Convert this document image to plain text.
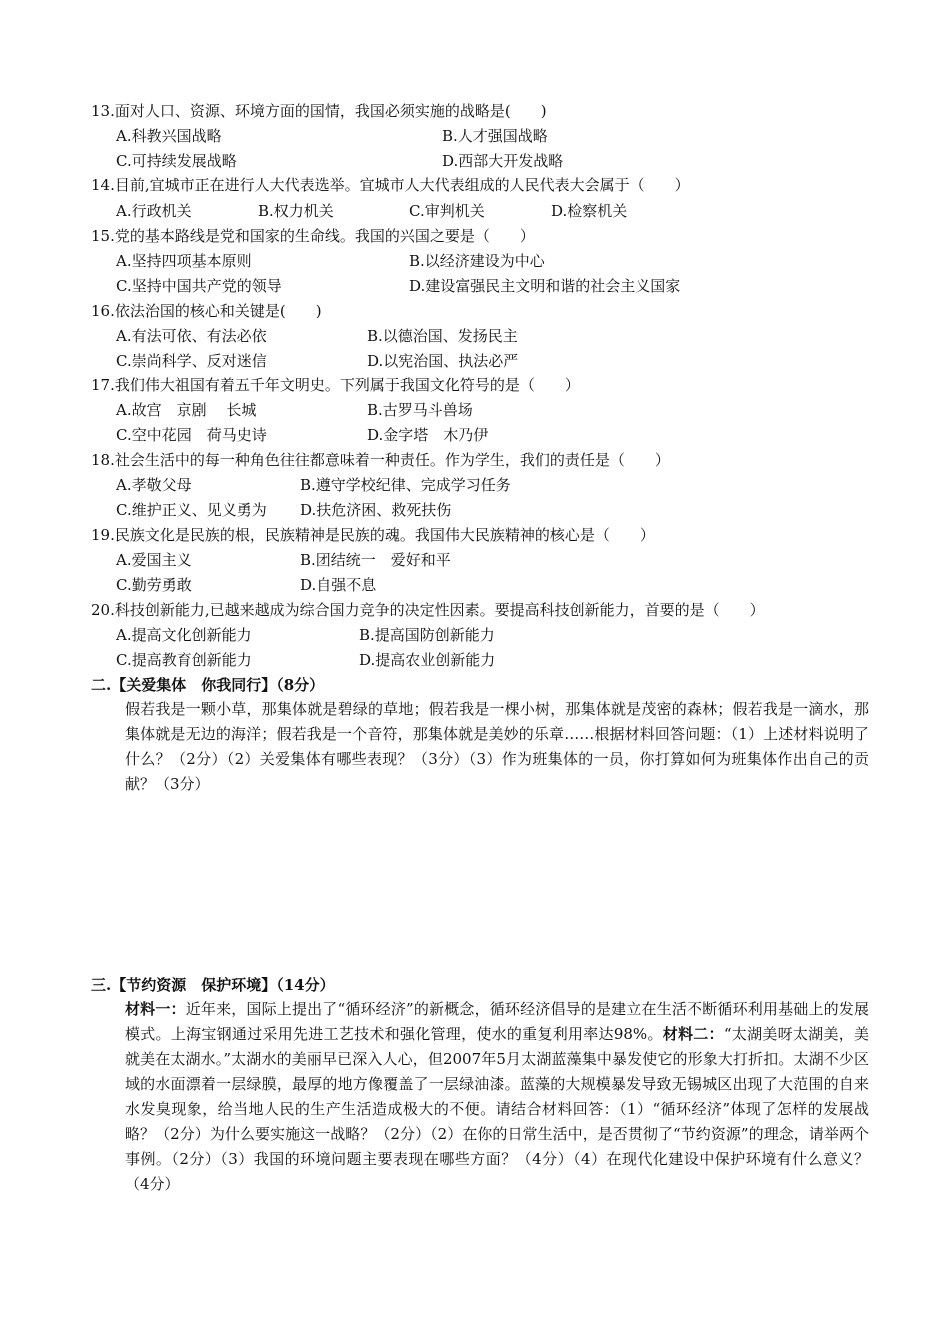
13.面对人口、资源、环境方面的国情，我国必须实施的战略是(　　)
A.科教兴国战略	B.人才强国战略
C.可持续发展战略	D.西部大开发战略
14.目前,宜城市正在进行人大代表选举。宜城市人大代表组成的人民代表大会属于（　　）
A.行政机关	B.权力机关	C.审判机关	D.检察机关
15.党的基本路线是党和国家的生命线。我国的兴国之要是（　　）
A.坚持四项基本原则	B.以经济建设为中心
C.坚持中国共产党的领导	D.建设富强民主文明和谐的社会主义国家
16.依法治国的核心和关键是(　　)
A.有法可依、有法必依	B.以德治国、发扬民主
C.崇尚科学、反对迷信	D.以宪治国、执法必严
17.我们伟大祖国有着五千年文明史。下列属于我国文化符号的是（　　）
A.故宫　京剧　 长城	B.古罗马斗兽场
C.空中花园　荷马史诗	D.金字塔　木乃伊
18.社会生活中的每一种角色往往都意味着一种责任。作为学生，我们的责任是（　　）
A.孝敬父母	B.遵守学校纪律、完成学习任务
C.维护正义、见义勇为 D.扶危济困、救死扶伤
19.民族文化是民族的根，民族精神是民族的魂。我国伟大民族精神的核心是（　　）
A.爱国主义	B.团结统一　爱好和平
C.勤劳勇敢	D.自强不息
20.科技创新能力,已越来越成为综合国力竞争的决定性因素。要提高科技创新能力，首要的是（　　）
A.提高文化创新能力	B.提高国防创新能力
C.提高教育创新能力	D.提高农业创新能力
二.【关爱集体　你我同行】（8分）
假若我是一颗小草，那集体就是碧绿的草地；假若我是一棵小树，那集体就是茂密的森林；假若我是一滴水，那集体就是无边的海洋；假若我是一个音符，那集体就是美妙的乐章……根据材料回答问题：（1）上述材料说明了什么？（2分）（2）关爱集体有哪些表现？（3分）（3）作为班集体的一员，你打算如何为班集体作出自己的贡献？（3分）
三.【节约资源　保护环境】（14分）
材料一：近年来，国际上提出了“循环经济”的新概念，循环经济倡导的是建立在生活不断循环利用基础上的发展模式。上海宝钢通过采用先进工艺技术和强化管理，使水的重复利用率达98%。材料二：“太湖美呀太湖美，美就美在太湖水。”太湖水的美丽早已深入人心，但2007年5月太湖蓝藻集中暴发使它的形象大打折扣。太湖不少区域的水面漂着一层绿膜，最厚的地方像覆盖了一层绿油漆。蓝藻的大规模暴发导致无锡城区出现了大范围的自来水发臭现象，给当地人民的生产生活造成极大的不便。请结合材料回答：（1）“循环经济”体现了怎样的发展战略？（2分）为什么要实施这一战略？（2分）（2）在你的日常生活中，是否贯彻了“节约资源”的理念，请举两个事例。（2分）（3）我国的环境问题主要表现在哪些方面？（4分）（4）在现代化建设中保护环境有什么意义？（4分）
